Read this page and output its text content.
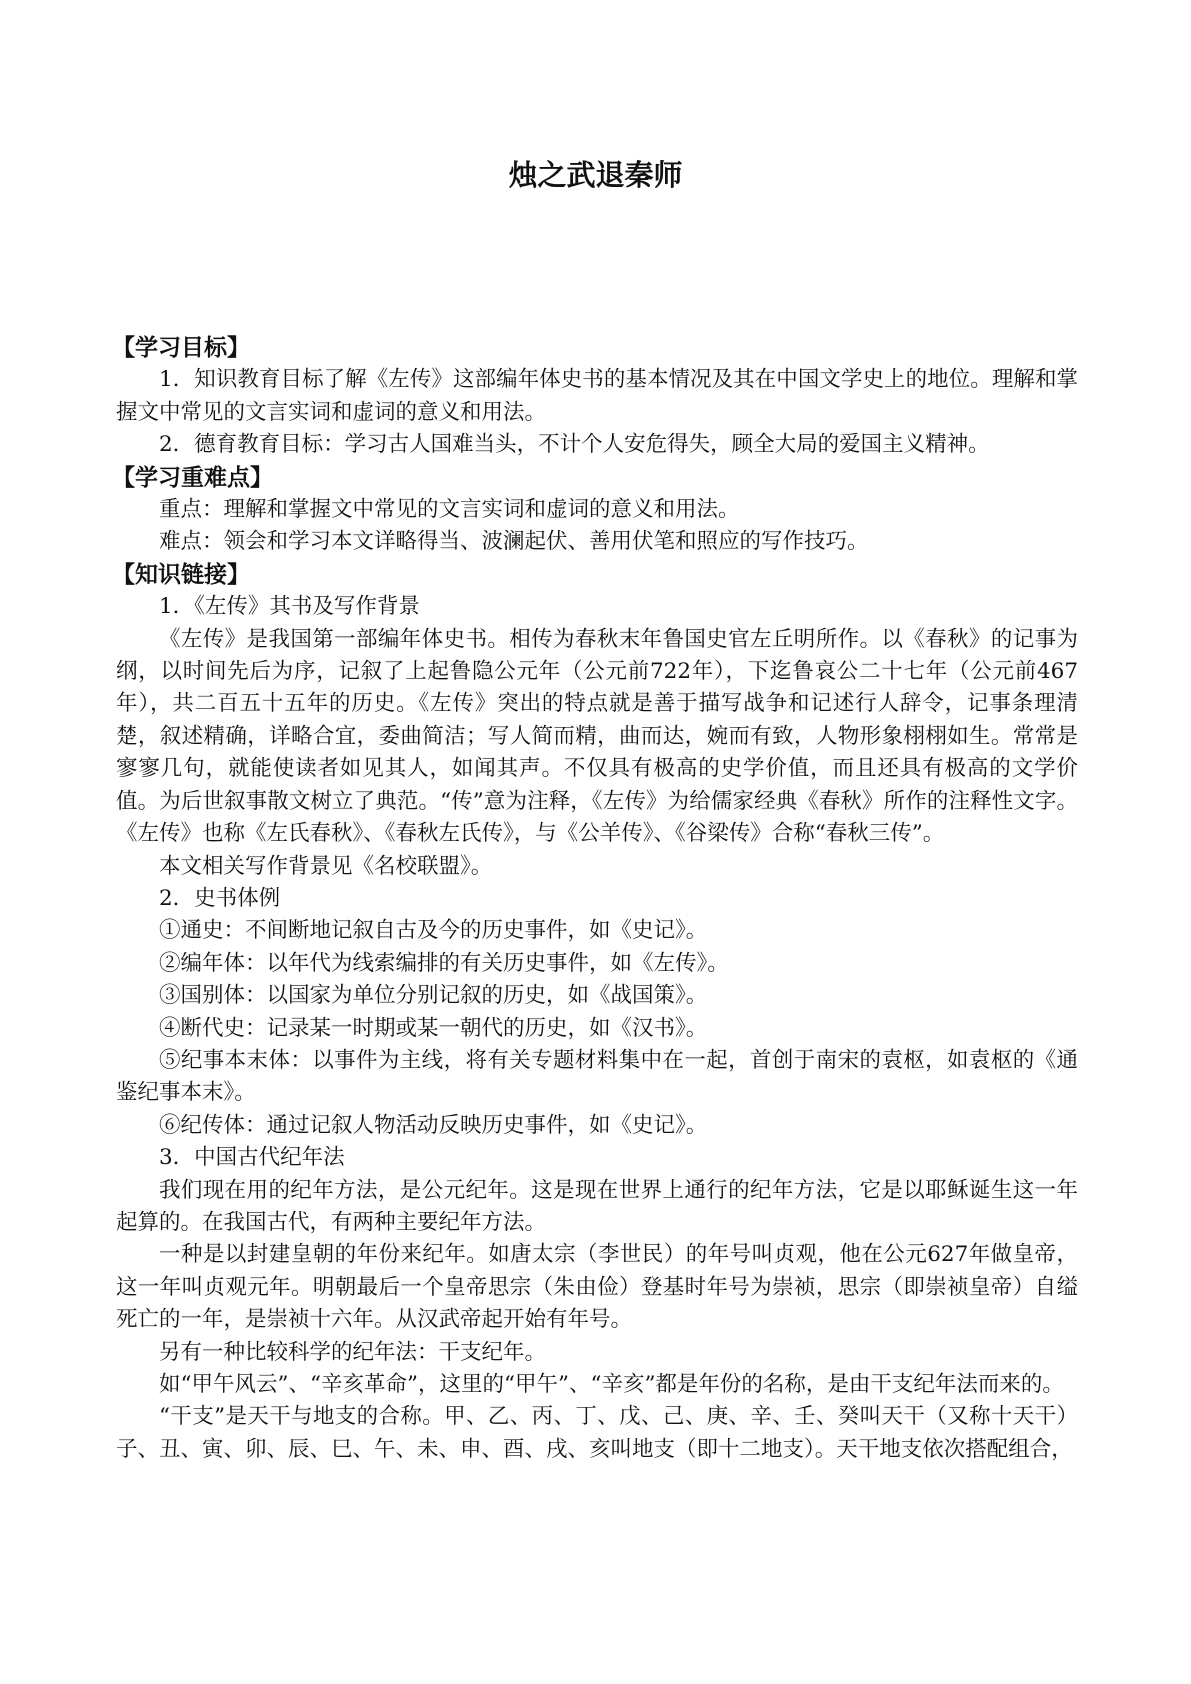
烛之武退秦师
【学习目标】

1．知识教育目标了解《左传》这部编年体史书的基本情况及其在中国文学史上的地位。理解和掌握文中常见的文言实词和虚词的意义和用法。

2．德育教育目标：学习古人国难当头，不计个人安危得失，顾全大局的爱国主义精神。

【学习重难点】

重点：理解和掌握文中常见的文言实词和虚词的意义和用法。

难点：领会和学习本文详略得当、波澜起伏、善用伏笔和照应的写作技巧。

【知识链接】

1．《左传》其书及写作背景

《左传》是我国第一部编年体史书。相传为春秋末年鲁国史官左丘明所作。以《春秋》的记事为纲，以时间先后为序，记叙了上起鲁隐公元年（公元前722年），下迄鲁哀公二十七年（公元前467年），共二百五十五年的历史。《左传》突出的特点就是善于描写战争和记述行人辞令，记事条理清楚，叙述精确，详略合宜，委曲简洁；写人简而精，曲而达，婉而有致，人物形象栩栩如生。常常是寥寥几句，就能使读者如见其人，如闻其声。不仅具有极高的史学价值，而且还具有极高的文学价值。为后世叙事散文树立了典范。“传”意为注释，《左传》为给儒家经典《春秋》所作的注释性文字。《左传》也称《左氏春秋》、《春秋左氏传》，与《公羊传》、《谷梁传》合称“春秋三传”。

本文相关写作背景见《名校联盟》。

2．史书体例

①通史：不间断地记叙自古及今的历史事件，如《史记》。

②编年体：以年代为线索编排的有关历史事件，如《左传》。

③国别体：以国家为单位分别记叙的历史，如《战国策》。

④断代史：记录某一时期或某一朝代的历史，如《汉书》。

⑤纪事本末体：以事件为主线，将有关专题材料集中在一起，首创于南宋的袁枢，如袁枢的《通鉴纪事本末》。

⑥纪传体：通过记叙人物活动反映历史事件，如《史记》。

3．中国古代纪年法

我们现在用的纪年方法，是公元纪年。这是现在世界上通行的纪年方法，它是以耶稣诞生这一年起算的。在我国古代，有两种主要纪年方法。

一种是以封建皇朝的年份来纪年。如唐太宗（李世民）的年号叫贞观，他在公元627年做皇帝，这一年叫贞观元年。明朝最后一个皇帝思宗（朱由俭）登基时年号为崇祯，思宗（即崇祯皇帝）自缢死亡的一年，是崇祯十六年。从汉武帝起开始有年号。

另有一种比较科学的纪年法：干支纪年。

如“甲午风云”、“辛亥革命”，这里的“甲午”、“辛亥”都是年份的名称，是由干支纪年法而来的。

“干支”是天干与地支的合称。甲、乙、丙、丁、戊、己、庚、辛、壬、癸叫天干（又称十天干）子、丑、寅、卯、辰、巳、午、未、申、酉、戌、亥叫地支（即十二地支）。天干地支依次搭配组合，
